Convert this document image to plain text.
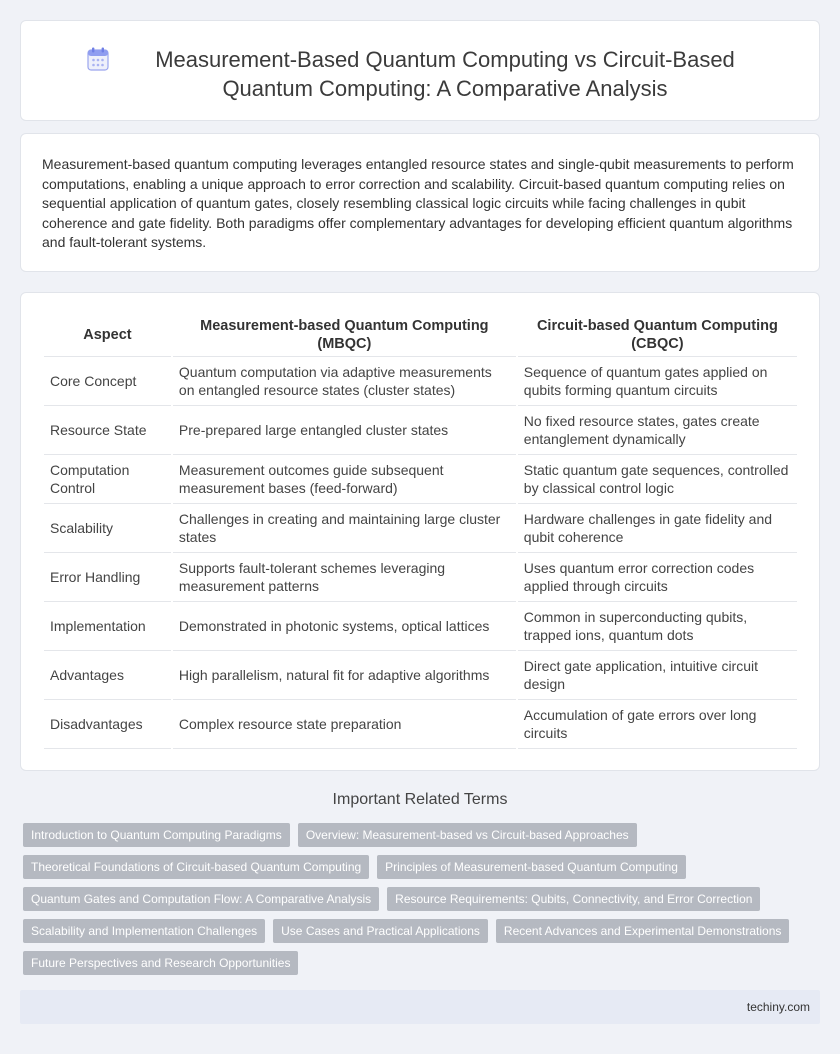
Measurement-Based Quantum Computing vs Circuit-Based Quantum Computing: A Comparative Analysis

Measurement-based quantum computing leverages entangled resource states and single-qubit measurements to perform computations, enabling a unique approach to error correction and scalability. Circuit-based quantum computing relies on sequential application of quantum gates, closely resembling classical logic circuits while facing challenges in qubit coherence and gate fidelity. Both paradigms offer complementary advantages for developing efficient quantum algorithms and fault-tolerant systems.

Aspect	Measurement-based Quantum Computing (MBQC)	Circuit-based Quantum Computing (CBQC)
Core Concept	Quantum computation via adaptive measurements on entangled resource states (cluster states)	Sequence of quantum gates applied on qubits forming quantum circuits
Resource State	Pre-prepared large entangled cluster states	No fixed resource states, gates create entanglement dynamically
Computation Control	Measurement outcomes guide subsequent measurement bases (feed-forward)	Static quantum gate sequences, controlled by classical control logic
Scalability	Challenges in creating and maintaining large cluster states	Hardware challenges in gate fidelity and qubit coherence
Error Handling	Supports fault-tolerant schemes leveraging measurement patterns	Uses quantum error correction codes applied through circuits
Implementation	Demonstrated in photonic systems, optical lattices	Common in superconducting qubits, trapped ions, quantum dots
Advantages	High parallelism, natural fit for adaptive algorithms	Direct gate application, intuitive circuit design
Disadvantages	Complex resource state preparation	Accumulation of gate errors over long circuits
Important Related Terms
Introduction to Quantum Computing Paradigms	Overview: Measurement-based vs Circuit-based Approaches
Theoretical Foundations of Circuit-based Quantum Computing	Principles of Measurement-based Quantum Computing
Quantum Gates and Computation Flow: A Comparative Analysis	Resource Requirements: Qubits, Connectivity, and Error Correction
Scalability and Implementation Challenges	Use Cases and Practical Applications	Recent Advances and Experimental Demonstrations
Future Perspectives and Research Opportunities
techiny.com
